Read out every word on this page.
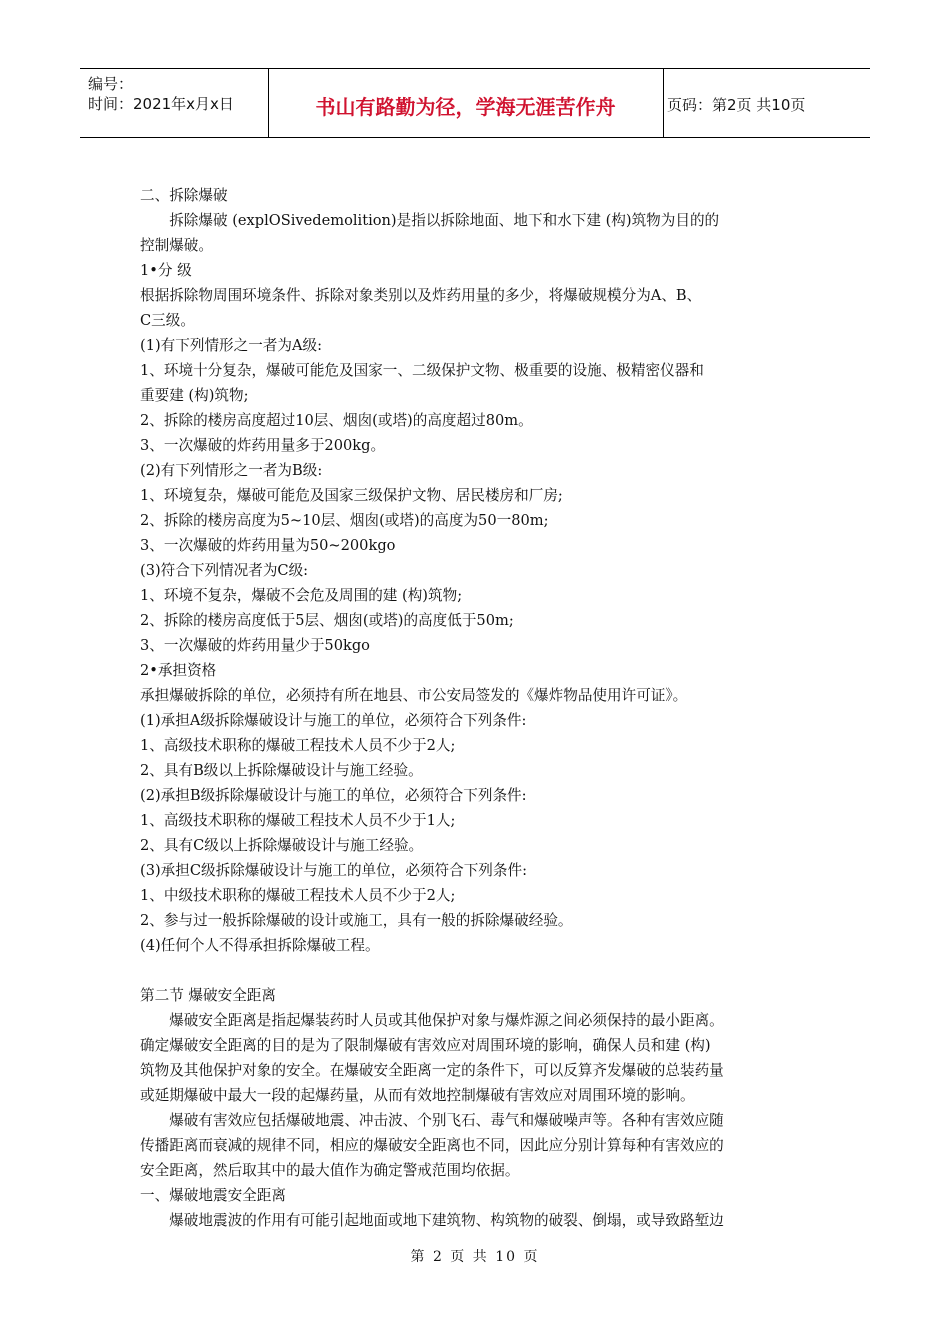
编号：
时间：2021年x月x日	书山有路勤为径，学海无涯苦作舟	页码：第2页 共10页

二、拆除爆破

拆除爆破 (explOSivedemolition)是指以拆除地面、地下和水下建 (构)筑物为目的的

控制爆破。

1•分 级

根据拆除物周围环境条件、拆除对象类别以及炸药用量的多少，将爆破规模分为A、B、

C三级。

(1)有下列情形之一者为A级:

1、环境十分复杂，爆破可能危及国家一、二级保护文物、极重要的设施、极精密仪器和

重要建 (构)筑物;

2、拆除的楼房高度超过10层、烟囱(或塔)的高度超过80m。

3、一次爆破的炸药用量多于200kg。

(2)有下列情形之一者为B级:

1、环境复杂，爆破可能危及国家三级保护文物、居民楼房和厂房;

2、拆除的楼房高度为5~10层、烟囱(或塔)的高度为50一80m;

3、一次爆破的炸药用量为50~200kgo

(3)符合下列情况者为C级:

1、环境不复杂，爆破不会危及周围的建 (构)筑物;

2、拆除的楼房高度低于5层、烟囱(或塔)的高度低于50m;

3、一次爆破的炸药用量少于50kgo

2•承担资格

承担爆破拆除的单位，必须持有所在地县、市公安局签发的《爆炸物品使用许可证》。

(1)承担A级拆除爆破设计与施工的单位，必须符合下列条件:

1、高级技术职称的爆破工程技术人员不少于2人;

2、具有B级以上拆除爆破设计与施工经验。

(2)承担B级拆除爆破设计与施工的单位，必须符合下列条件:

1、高级技术职称的爆破工程技术人员不少于1人;

2、具有C级以上拆除爆破设计与施工经验。

(3)承担C级拆除爆破设计与施工的单位，必须符合下列条件:

1、中级技术职称的爆破工程技术人员不少于2人;

2、参与过一般拆除爆破的设计或施工，具有一般的拆除爆破经验。

(4)任何个人不得承担拆除爆破工程。

第二节 爆破安全距离

爆破安全距离是指起爆装药时人员或其他保护对象与爆炸源之间必须保持的最小距离。

确定爆破安全距离的目的是为了限制爆破有害效应对周围环境的影响，确保人员和建 (构)

筑物及其他保护对象的安全。在爆破安全距离一定的条件下，可以反算齐发爆破的总装药量

或延期爆破中最大一段的起爆药量，从而有效地控制爆破有害效应对周围环境的影响。

爆破有害效应包括爆破地震、冲击波、个别飞石、毒气和爆破噪声等。各种有害效应随

传播距离而衰减的规律不同，相应的爆破安全距离也不同，因此应分别计算每种有害效应的

安全距离，然后取其中的最大值作为确定警戒范围均依据。

一、爆破地震安全距离

爆破地震波的作用有可能引起地面或地下建筑物、构筑物的破裂、倒塌，或导致路堑边

第 2 页 共 10 页
